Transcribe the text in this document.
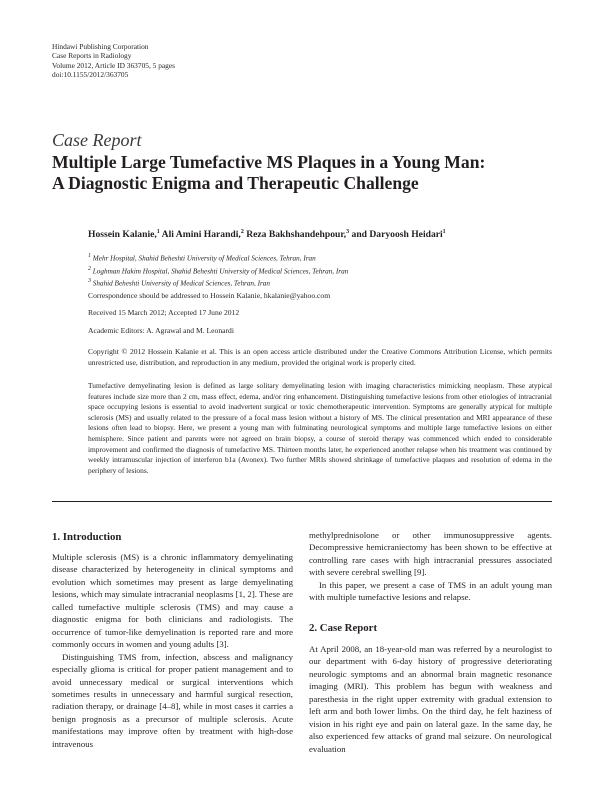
Hindawi Publishing Corporation
Case Reports in Radiology
Volume 2012, Article ID 363705, 5 pages
doi:10.1155/2012/363705
Case Report
Multiple Large Tumefactive MS Plaques in a Young Man:
A Diagnostic Enigma and Therapeutic Challenge
Hossein Kalanie,$^1$ Ali Amini Harandi,$^2$ Reza Bakhshandehpour,$^3$ and Daryoosh Heidari$^1$
$^1$ Mehr Hospital, Shahid Beheshti University of Medical Sciences, Tehran, Iran
$^2$ Loghman Hakim Hospital, Shahid Beheshti University of Medical Sciences, Tehran, Iran
$^3$ Shahid Beheshti University of Medical Sciences, Tehran, Iran
Correspondence should be addressed to Hossein Kalanie, hkalanie@yahoo.com
Received 15 March 2012; Accepted 17 June 2012
Academic Editors: A. Agrawal and M. Leonardi
Copyright © 2012 Hossein Kalanie et al. This is an open access article distributed under the Creative Commons Attribution License, which permits unrestricted use, distribution, and reproduction in any medium, provided the original work is properly cited.
Tumefactive demyelinating lesion is defined as large solitary demyelinating lesion with imaging characteristics mimicking neoplasm. These atypical features include size more than 2 cm, mass effect, edema, and/or ring enhancement. Distinguishing tumefactive lesions from other etiologies of intracranial space occupying lesions is essential to avoid inadvertent surgical or toxic chemotherapeutic intervention. Symptoms are generally atypical for multiple sclerosis (MS) and usually related to the pressure of a focal mass lesion without a history of MS. The clinical presentation and MRI appearance of these lesions often lead to biopsy. Here, we present a young man with fulminating neurological symptoms and multiple large tumefactive lesions on either hemisphere. Since patient and parents were not agreed on brain biopsy, a course of steroid therapy was commenced which ended to considerable improvement and confirmed the diagnosis of tumefactive MS. Thirteen months later, he experienced another relapse when his treatment was continued by weekly intramuscular injection of interferon b1a (Avonex). Two further MRIs showed shrinkage of tumefactive plaques and resolution of edema in the periphery of lesions.
1. Introduction

Multiple sclerosis (MS) is a chronic inflammatory demyelinating disease characterized by heterogeneity in clinical symptoms and evolution which sometimes may present as large demyelinating lesions, which may simulate intracranial neoplasms [1, 2]. These are called tumefactive multiple sclerosis (TMS) and may cause a diagnostic enigma for both clinicians and radiologists. The occurrence of tumor-like demyelination is reported rare and more commonly occurs in women and young adults [3].

Distinguishing TMS from, infection, abscess and malignancy especially glioma is critical for proper patient management and to avoid unnecessary medical or surgical interventions which sometimes results in unnecessary and harmful surgical resection, radiation therapy, or drainage [4–8], while in most cases it carries a benign prognosis as a precursor of multiple sclerosis. Acute manifestations may improve often by treatment with high-dose intravenous

methylprednisolone or other immunosuppressive agents. Decompressive hemicraniectomy has been shown to be effective at controlling rare cases with high intracranial pressures associated with severe cerebral swelling [9].

In this paper, we present a case of TMS in an adult young man with multiple tumefactive lesions and relapse.

2. Case Report

At April 2008, an 18-year-old man was referred by a neurologist to our department with 6-day history of progressive deteriorating neurologic symptoms and an abnormal brain magnetic resonance imaging (MRI). This problem has begun with weakness and paresthesia in the right upper extremity with gradual extension to left arm and both lower limbs. On the third day, he felt haziness of vision in his right eye and pain on lateral gaze. In the same day, he also experienced few attacks of grand mal seizure. On neurological evaluation
